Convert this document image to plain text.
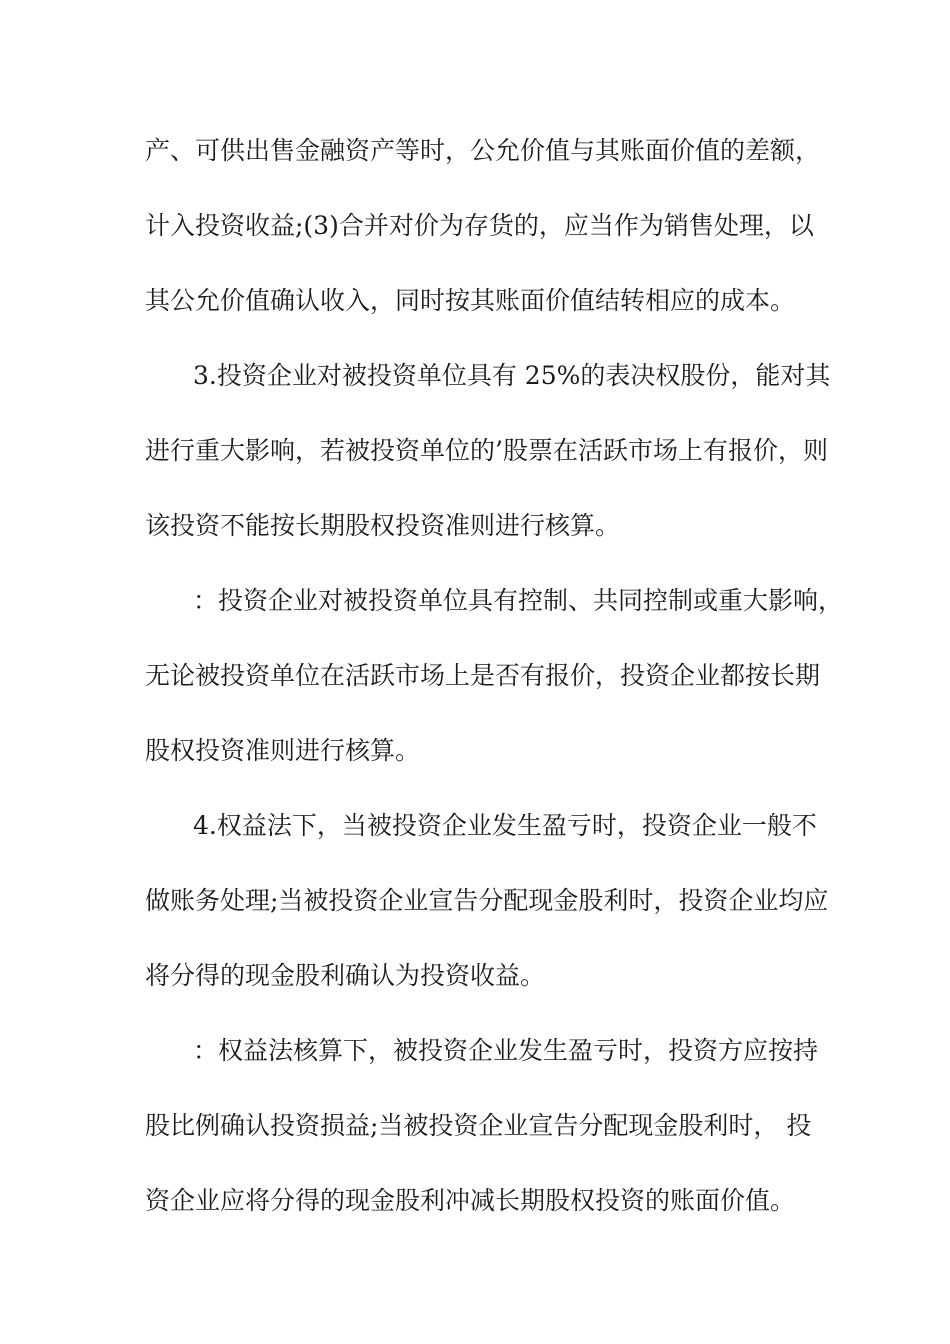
产、可供出售金融资产等时，公允价值与其账面价值的差额，
计入投资收益;(3)合并对价为存货的，应当作为销售处理，以
其公允价值确认收入，同时按其账面价值结转相应的成本。
3.投资企业对被投资单位具有 25%的表决权股份，能对其
进行重大影响，若被投资单位的’股票在活跃市场上有报价，则
该投资不能按长期股权投资准则进行核算。
：投资企业对被投资单位具有控制、共同控制或重大影响，
无论被投资单位在活跃市场上是否有报价，投资企业都按长期
股权投资准则进行核算。
4.权益法下，当被投资企业发生盈亏时，投资企业一般不
做账务处理;当被投资企业宣告分配现金股利时，投资企业均应
将分得的现金股利确认为投资收益。
：权益法核算下，被投资企业发生盈亏时，投资方应按持
股比例确认投资损益;当被投资企业宣告分配现金股利时， 投
资企业应将分得的现金股利冲减长期股权投资的账面价值。
